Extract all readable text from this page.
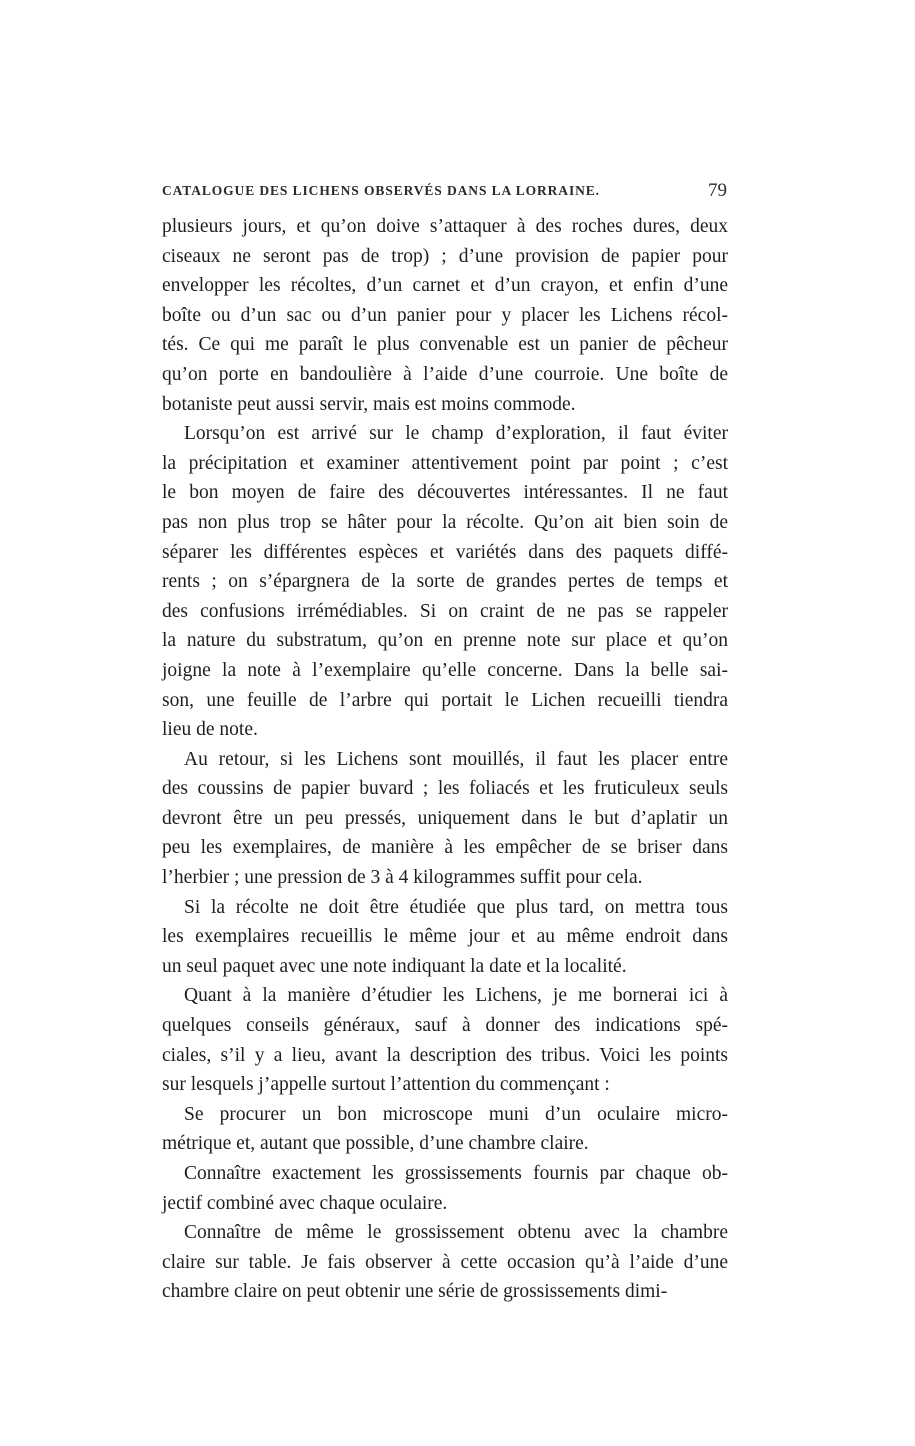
CATALOGUE DES LICHENS OBSERVÉS DANS LA LORRAINE.	79

plusieurs jours, et qu’on doive s’attaquer à des roches dures, deux
ciseaux ne seront pas de trop) ; d’une provision de papier pour
envelopper les récoltes, d’un carnet et d’un crayon, et enfin d’une
boîte ou d’un sac ou d’un panier pour y placer les Lichens récol-
tés. Ce qui me paraît le plus convenable est un panier de pêcheur
qu’on porte en bandoulière à l’aide d’une courroie. Une boîte de
botaniste peut aussi servir, mais est moins commode.

Lorsqu’on est arrivé sur le champ d’exploration, il faut éviter
la précipitation et examiner attentivement point par point ; c’est
le bon moyen de faire des découvertes intéressantes. Il ne faut
pas non plus trop se hâter pour la récolte. Qu’on ait bien soin de
séparer les différentes espèces et variétés dans des paquets diffé-
rents ; on s’épargnera de la sorte de grandes pertes de temps et
des confusions irrémédiables. Si on craint de ne pas se rappeler
la nature du substratum, qu’on en prenne note sur place et qu’on
joigne la note à l’exemplaire qu’elle concerne. Dans la belle sai-
son, une feuille de l’arbre qui portait le Lichen recueilli tiendra
lieu de note.

Au retour, si les Lichens sont mouillés, il faut les placer entre
des coussins de papier buvard ; les foliacés et les fruticuleux seuls
devront être un peu pressés, uniquement dans le but d’aplatir un
peu les exemplaires, de manière à les empêcher de se briser dans
l’herbier ; une pression de 3 à 4 kilogrammes suffit pour cela.

Si la récolte ne doit être étudiée que plus tard, on mettra tous
les exemplaires recueillis le même jour et au même endroit dans
un seul paquet avec une note indiquant la date et la localité.

Quant à la manière d’étudier les Lichens, je me bornerai ici à
quelques conseils généraux, sauf à donner des indications spé-
ciales, s’il y a lieu, avant la description des tribus. Voici les points
sur lesquels j’appelle surtout l’attention du commençant :

Se procurer un bon microscope muni d’un oculaire micro-
métrique et, autant que possible, d’une chambre claire.

Connaître exactement les grossissements fournis par chaque ob-
jectif combiné avec chaque oculaire.

Connaître de même le grossissement obtenu avec la chambre
claire sur table. Je fais observer à cette occasion qu’à l’aide d’une
chambre claire on peut obtenir une série de grossissements dimi-
